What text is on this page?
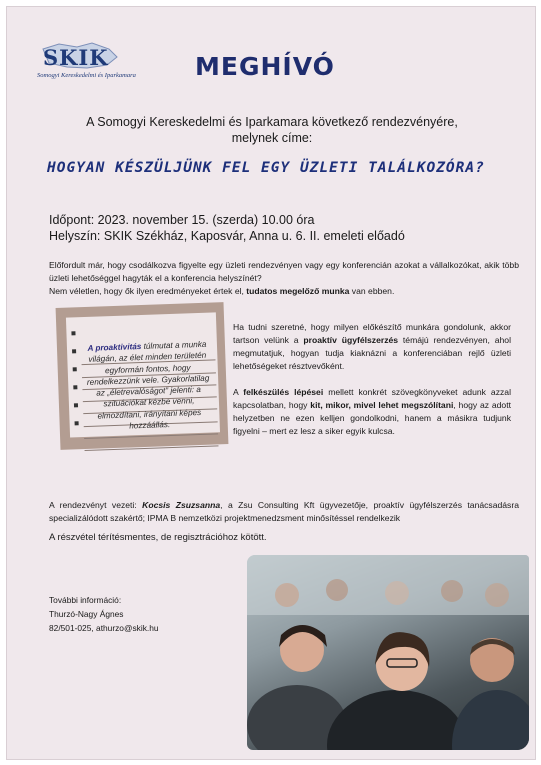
SKIK
Somogyi Kereskedelmi és Iparkamara MEGHÍVÓ
A Somogyi Kereskedelmi és Iparkamara következő rendezvényére,
melynek címe:
HOGYAN KÉSZÜLJÜNK FEL EGY ÜZLETI TALÁLKOZÓRA?
Időpont: 2023. november 15. (szerda) 10.00 óra
Helyszín: SKIK Székház, Kaposvár, Anna u. 6. II. emeleti előadó
Előfordult már, hogy csodálkozva figyelte egy üzleti rendezvényen vagy egy konferencián azokat a vállalkozókat, akik több üzleti lehetőséggel hagyták el a konferencia helyszínét?
Nem véletlen, hogy ők ilyen eredményeket értek el, tudatos megelőző munka van ebben.
A proaktivitás túlmutat a munka világán, az élet minden területén egyformán fontos, hogy rendelkezzünk vele. Gyakorlatilag az „életrevalóságot” jelenti: a szituációkat kézbe venni, elmozdítani, irányítani képes hozzáállás.

Ha tudni szeretné, hogy milyen előkészítő munkára gondolunk, akkor tartson velünk a proaktív ügyfélszerzés témájú rendezvényen, ahol megmutatjuk, hogyan tudja kiaknázni a konferenciában rejlő üzleti lehetőségeket résztvevőként.

A felkészülés lépései mellett konkrét szövegkönyveket adunk azzal kapcsolatban, hogy kit, mikor, mivel lehet megszólítani, hogy az adott helyzetben ne ezen kelljen gondolkodni, hanem a másikra tudjunk figyelni – mert ez lesz a siker egyik kulcsa.

A rendezvényt vezeti: Kocsis Zsuzsanna, a Zsu Consulting Kft ügyvezetője, proaktív ügyfélszerzés tanácsadásra specializálódott szakértő; IPMA B nemzetközi projektmenedzsment minősítéssel rendelkezik
A részvétel térítésmentes, de regisztrációhoz kötött.
További információ:
Thurzó-Nagy Ágnes
82/501-025, athurzo@skik.hu
